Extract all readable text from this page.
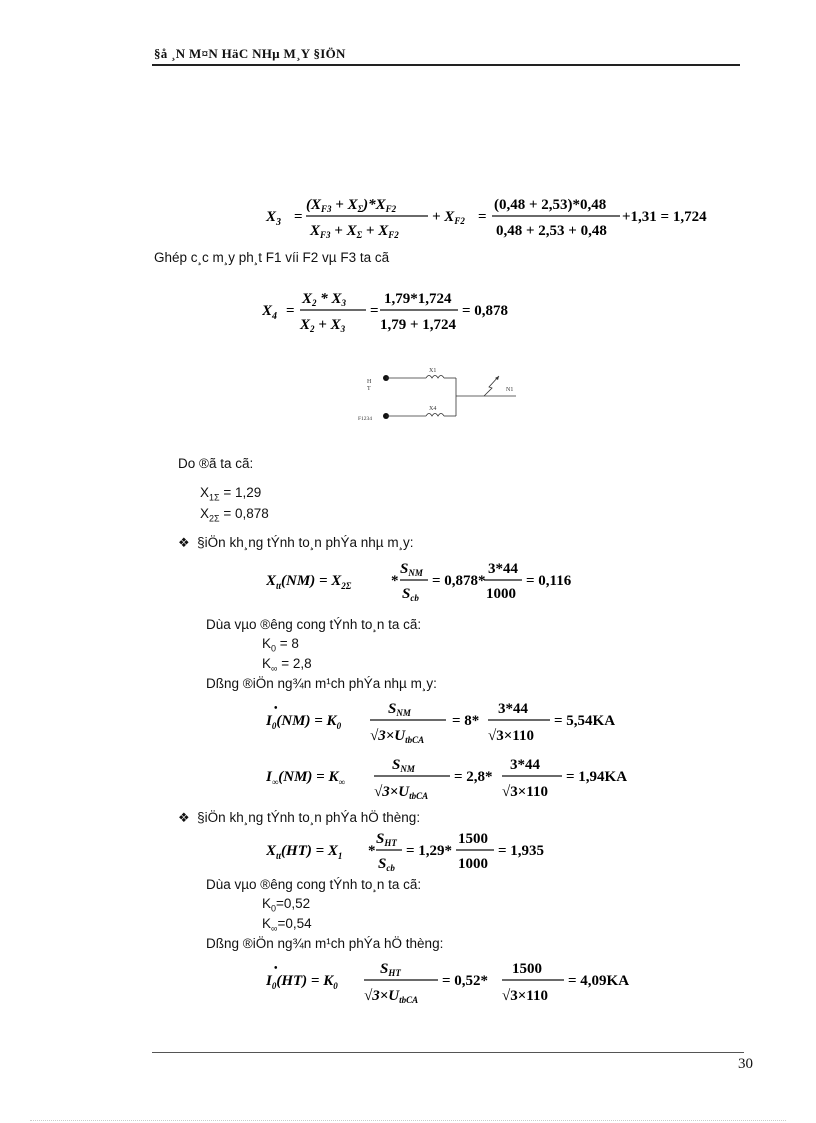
§å ¸N M¤N HäC NHµ M¸Y §IÖN
$X_3$ =
$(X_{F3} + X_\Sigma)*X_{F2}$
$X_{F3} + X_\Sigma + X_{F2}$
+ $X_{F2}$ =
(0,48 + 2,53)*0,48
0,48 + 2,53 + 0,48
+1,31 = 1,724
Ghép c¸c m¸y ph¸t F1 víi F2 vµ F3 ta cã
$X_4$ =
$X_2 * X_3$
$X_2 + X_3$
=
1,79*1,724
1,79 + 1,724
= 0,878
H
T
X1
F1234
X4
N1
Do ®ã ta cã:
$X_{1\Sigma} = 1,29$
$X_{2\Sigma} = 0,878$
❖ §iÖn kh¸ng tÝnh to¸n phÝa nhµ m¸y:
$X_{tt}(NM) = X_{2\Sigma}$	*
$S_{NM}$
$S_{cb}$
= 0,878*
3*44
1000
= 0,116
Dùa vµo ®êng cong tÝnh to¸n ta cã:
$K_0 = 8$
$K_\infty = 2,8$
Dßng ®iÖn ng¾n m¹ch phÝa nhµ m¸y:
$I_0(NM) = K_0$
•	$S_{NM}$
$√3\times U_{tbCA}$
= 8*
3*44
√3×110
= 5,54KA
$I_\infty(NM) = K_\infty$
$S_{NM}$
$√3\times U_{tbCA}$
= 2,8*
3*44
√3×110
= 1,94KA
❖ §iÖn kh¸ng tÝnh to¸n phÝa hÖ thèng:
$X_{tt}(HT) = X_1$ *
$S_{HT}$
$S_{cb}$
= 1,29*
1500
1000
= 1,935
Dùa vµo ®êng cong tÝnh to¸n ta cã:
$K_0=0,52$
$K_\infty=0,54$
Dßng ®iÖn ng¾n m¹ch phÝa hÖ thèng:
$I_0(HT) = K_0$
•	$S_{HT}$
$√3\times U_{tbCA}$
= 0,52*
1500
√3×110
= 4,09KA
30
